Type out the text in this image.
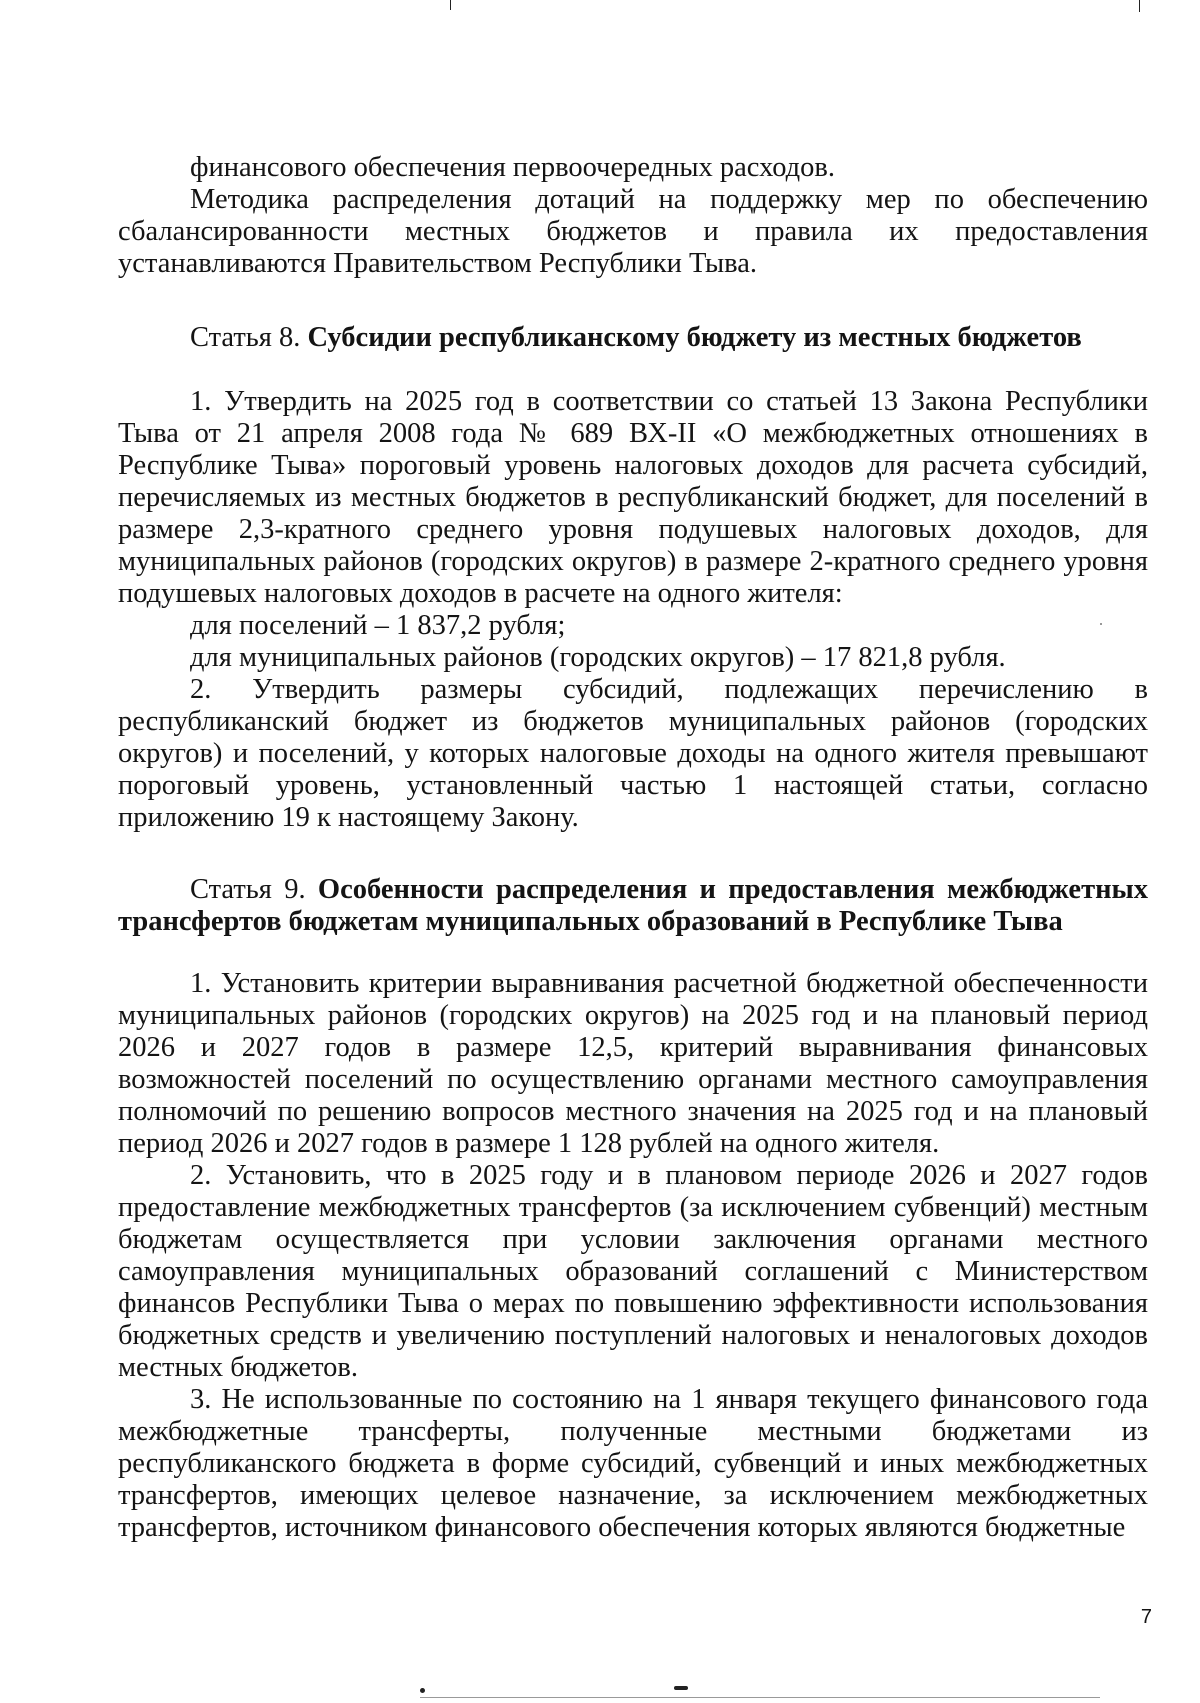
финансового обеспечения первоочередных расходов.

Методика распределения дотаций на поддержку мер по обеспечению сбалансированности местных бюджетов и правила их предоставления устанавливаются Правительством Республики Тыва.

Статья 8. Субсидии республиканскому бюджету из местных бюджетов

1. Утвердить на 2025 год в соответствии со статьей 13 Закона Республики Тыва от 21 апреля 2008 года № 689 ВХ-II «О межбюджетных отношениях в Республике Тыва» пороговый уровень налоговых доходов для расчета субсидий, перечисляемых из местных бюджетов в республиканский бюджет, для поселений в размере 2,3-кратного среднего уровня подушевых налоговых доходов, для муниципальных районов (городских округов) в размере 2-кратного среднего уровня подушевых налоговых доходов в расчете на одного жителя:

для поселений – 1 837,2 рубля;

для муниципальных районов (городских округов) – 17 821,8 рубля.

2. Утвердить размеры субсидий, подлежащих перечислению в республиканский бюджет из бюджетов муниципальных районов (городских округов) и поселений, у которых налоговые доходы на одного жителя превышают пороговый уровень, установленный частью 1 настоящей статьи, согласно приложению 19 к настоящему Закону.

Статья 9. Особенности распределения и предоставления межбюджетных трансфертов бюджетам муниципальных образований в Республике Тыва

1. Установить критерии выравнивания расчетной бюджетной обеспеченности муниципальных районов (городских округов) на 2025 год и на плановый период 2026 и 2027 годов в размере 12,5, критерий выравнивания финансовых возможностей поселений по осуществлению органами местного самоуправления полномочий по решению вопросов местного значения на 2025 год и на плановый период 2026 и 2027 годов в размере 1 128 рублей на одного жителя.

2. Установить, что в 2025 году и в плановом периоде 2026 и 2027 годов предоставление межбюджетных трансфертов (за исключением субвенций) местным бюджетам осуществляется при условии заключения органами местного самоуправления муниципальных образований соглашений с Министерством финансов Республики Тыва о мерах по повышению эффективности использования бюджетных средств и увеличению поступлений налоговых и неналоговых доходов местных бюджетов.

3. Не использованные по состоянию на 1 января текущего финансового года межбюджетные трансферты, полученные местными бюджетами из республиканского бюджета в форме субсидий, субвенций и иных межбюджетных трансфертов, имеющих целевое назначение, за исключением межбюджетных трансфертов, источником финансового обеспечения которых являются бюджетные

7
